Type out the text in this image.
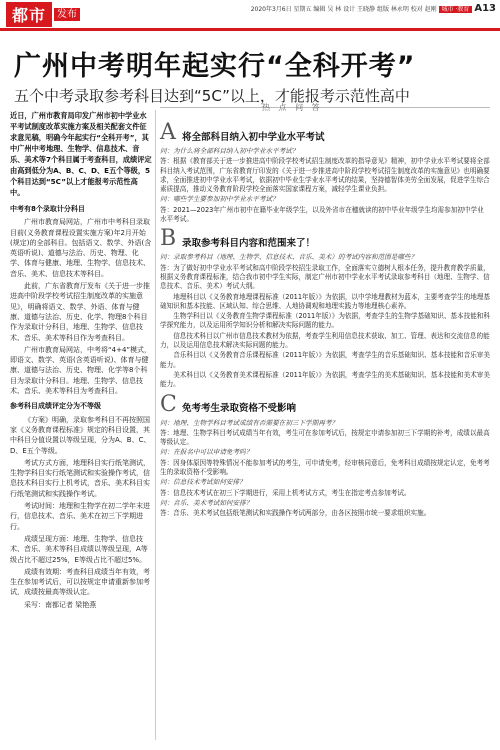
都市	发布	2020年3月6日 星期五 编辑 吴 林 设计 王晓静 组版 林永明 校对 赵刚 城市 ·教育 A13
广州中考明年起实行“全科开考”
五个中考录取参考科目达到“5C”以上，才能报考示范性高中
热 点 问 答
近日，广州市教育局印发广州市初中学业水平考试制度改革实施方案及相关配套文件征求意见稿，明确今年起实行“全科开考”，其中广州中考地理、生物学、信息技术、音乐、美术等7个科目属于考查科目，成绩评定由高到低分为A、B、C、D、E五个等级，5个科目达到“5C”以上才能报考示范性高中。
中考有8个录取计分科目

广州市教育局网站，广州市中考科目录取目前(义务教育课程设置实施方案)年2月开始(规定)的全部科目。包括语文、数学、外语(含英语听说)、道德与法治、历史、物理、化学、体育与健康、地理、生物学、信息技术、音乐、美术、信息技术等科目。

此前，广东省教育厅发布《关于进一步推进高中阶段学校考试招生制度改革的实施意见》，明确将语文、数学、外语、体育与健康、道德与法治、历史、化学、物理8个科目作为录取计分科目，地理、生物学、信息技术、音乐、美术等科目作为考查科目。

广州市教育局网站，中考将“4+4”模式，即语文、数学、英语(含英语听说)、体育与健康、道德与法治、历史、物理、化学等8个科目为录取计分科目。地理、生物学、信息技术、音乐、美术等科目为考查科目。

参考科目成绩评定分为不等级

《方案》明确，录取参考科目不再按照国家《义务教育课程标准》规定的科目设置，其中科目分值设置以等级呈现，分为A、B、C、D、E五个等级。

考试方式方面，地理科目实行纸笔测试，生物学科目实行纸笔测试和实验操作考试，信息技术科目实行上机考试，音乐、美术科目实行纸笔测试和实践操作考试。

考试时间：地理和生物学在初二学年末进行，信息技术、音乐、美术在初三下学期进行。

成绩呈现方面：地理、生物学、信息技术、音乐、美术等科目成绩以等级呈现，A等级占比不超过25%，E等级占比不超过5%。

成绩有效期：考查科目成绩当年有效，考生在参加考试后，可以按规定申请重新参加考试，成绩按最高等级认定。

采写：南都记者 梁艳燕

A 将全部科目纳入初中学业水平考试

问：为什么将全部科目纳入初中学业水平考试？

答：根据《教育部关于进一步推进高中阶段学校考试招生制度改革的指导意见》精神，初中学业水平考试要将全部科目纳入考试范围，广东省教育厅印发的《关于进一步推进高中阶段学校考试招生制度改革的实施意见》也明确要求，全面推进初中学业水平考试，依据初中毕业生学业水平考试的结果，坚持德智体美劳全面发展，促进学生综合素质提高，推动义务教育阶段学校全面落实国家课程方案，减轻学生课业负担。

问：哪些学生要参加初中学业水平考试？

答：2021—2023年广州市初中在籍毕业年级学生，以及外省市在穗就读的初中毕业年级学生均需参加初中学业水平考试。

B 录取参考科目内容和范围来了！

问：录取参考科目（地理、生物学、信息技术、音乐、美术）的考试内容和范围是哪些？

答：为了做好初中学业水平考试和高中阶段学校招生录取工作，全面落实立德树人根本任务，提升教育教学质量，根据义务教育课程标准，结合我市初中学生实际，制定广州市初中学业水平考试录取参考科目（地理、生物学、信息技术、音乐、美术）考试大纲。

地理科目以《义务教育地理课程标准（2011年版）》为依据，以中学地理教材为蓝本，主要考查学生的地理基础知识和基本技能、区域认知、综合思维、人地协调观和地理实践力等地理核心素养。

生物学科目以《义务教育生物学课程标准（2011年版）》为依据，考查学生的生物学基础知识、基本技能和科学探究能力，以及运用所学知识分析和解决实际问题的能力。

信息技术科目以广州市信息技术教材为依据，考查学生利用信息技术获取、加工、管理、表达和交流信息的能力，以及运用信息技术解决实际问题的能力。

音乐科目以《义务教育音乐课程标准（2011年版）》为依据，考查学生的音乐基础知识、基本技能和音乐审美能力。

美术科目以《义务教育美术课程标准（2011年版）》为依据，考查学生的美术基础知识、基本技能和美术审美能力。

C 免考考生录取资格不受影响

问：地理、生物学科目考试成绩有否需要在初三下学期再考？

答：地理、生物学科目考试成绩当年有效，考生可在参加考试后，按规定申请参加初三下学期的补考，成绩以最高等级认定。

问：在报名中可以申请免考吗？

答：因身体原因等特殊情况不能参加考试的考生，可申请免考，经审核同意后，免考科目成绩按规定认定，免考考生的录取资格不受影响。

问：信息技术考试如何安排？

答：信息技术考试在初三下学期进行，采用上机考试方式，考生在指定考点参加考试。

问：音乐、美术考试如何安排？

答：音乐、美术考试包括纸笔测试和实践操作考试两部分，由各区按照市统一要求组织实施。
